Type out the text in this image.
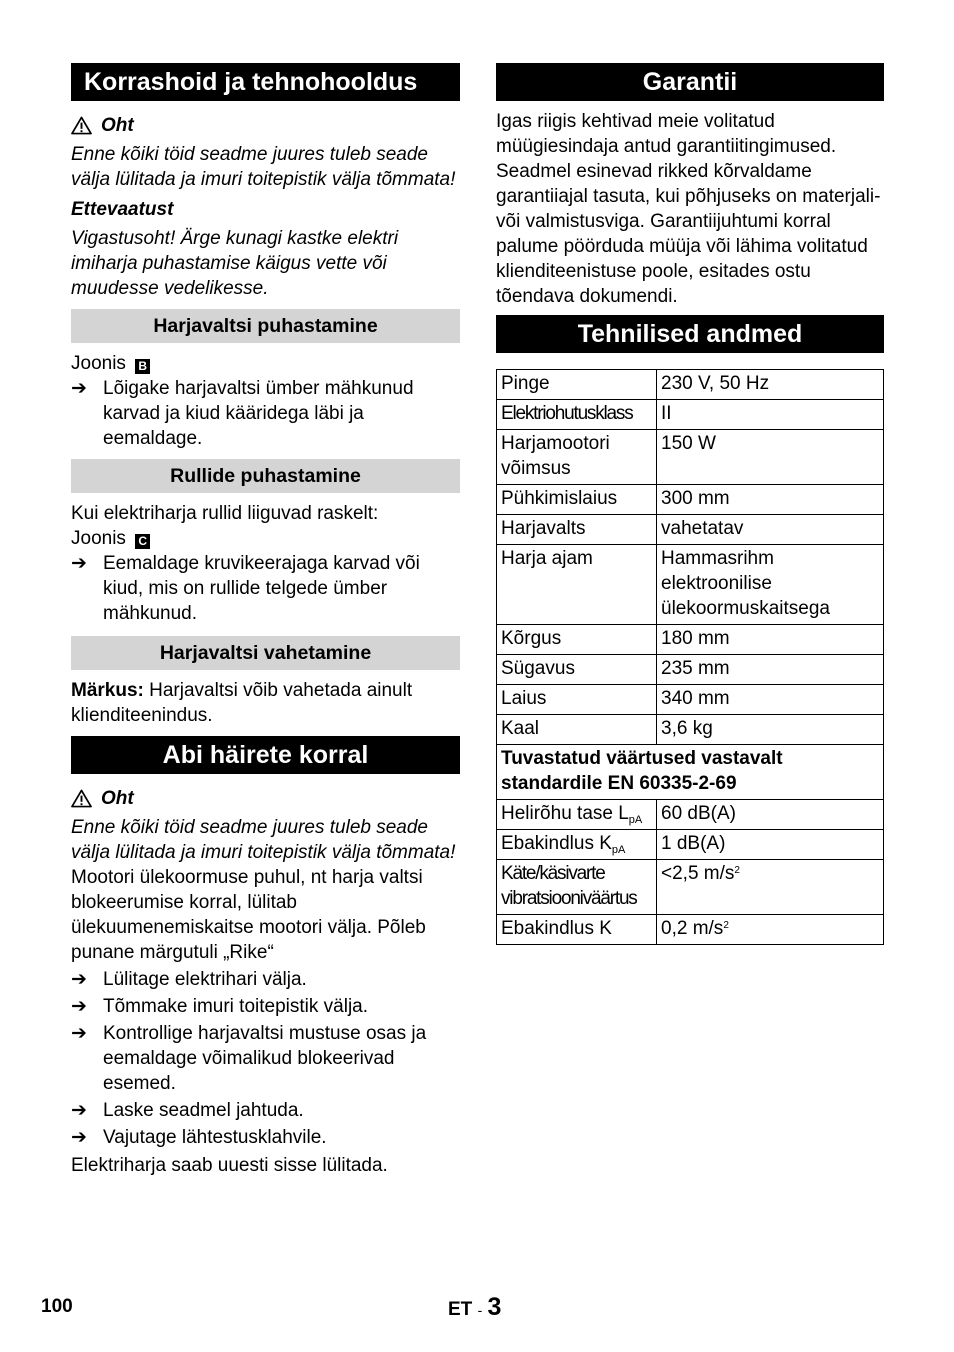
Korrashoid ja tehnohooldus
Oht

Enne kõiki töid seadme juures tuleb seade välja lülitada ja imuri toitepistik välja tõmmata!

Ettevaatust

Vigastusoht! Ärge kunagi kastke elektri imiharja puhastamise käigus vette või muudesse vedelikesse.

Harjavaltsi puhastamine

Joonis B

➔ Lõigake harjavaltsi ümber mähkunud karvad ja kiud kääridega läbi ja eemaldage.
Rullide puhastamine

Kui elektriharja rullid liiguvad raskelt:

Joonis C

➔ Eemaldage kruvikeerajaga karvad või kiud, mis on rullide telgede ümber mähkunud.
Harjavaltsi vahetamine

Märkus: Harjavaltsi võib vahetada ainult klienditeenindus.

Abi häirete korral
Oht

Enne kõiki töid seadme juures tuleb seade välja lülitada ja imuri toitepistik välja tõmmata!

Mootori ülekoormuse puhul, nt harja valtsi blokeerumise korral, lülitab ülekuumenemiskaitse mootori välja. Põleb punane märgutuli „Rike“

➔ Lülitage elektrihari välja.
➔ Tõmmake imuri toitepistik välja.
➔ Kontrollige harjavaltsi mustuse osas ja eemaldage võimalikud blokeerivad esemed.
➔ Laske seadmel jahtuda.
➔ Vajutage lähtestusklahvile.

Elektriharja saab uuesti sisse lülitada.

Garantii

Igas riigis kehtivad meie volitatud müügiesindaja antud garantiitingimused. Seadmel esinevad rikked kõrvaldame garantiiajal tasuta, kui põhjuseks on materjali- või valmistusviga. Garantiijuhtumi korral palume pöörduda müüja või lähima volitatud klienditeenistuse poole, esitades ostu tõendava dokumendi.

Tehnilised andmed
Pinge	230 V, 50 Hz
Elektriohutusklass	II
Harjamootori võimsus	150 W
Pühkimislaius	300 mm
Harjavalts	vahetatav
Harja ajam	Hammasrihm elektroonilise ülekoormuskaitsega
Kõrgus	180 mm
Sügavus	235 mm
Laius	340 mm
Kaal	3,6 kg
Tuvastatud väärtused vastavalt standardile EN 60335-2-69	
Helirõhu tase $L_{pA}$	60 dB(A)
Ebakindlus $K_{pA}$	1 dB(A)
Käte/käsivarte vibratsiooniväärtus	<2,5 $m/s^2$
Ebakindlus K	0,2 $m/s^2$
100	ET - 3
